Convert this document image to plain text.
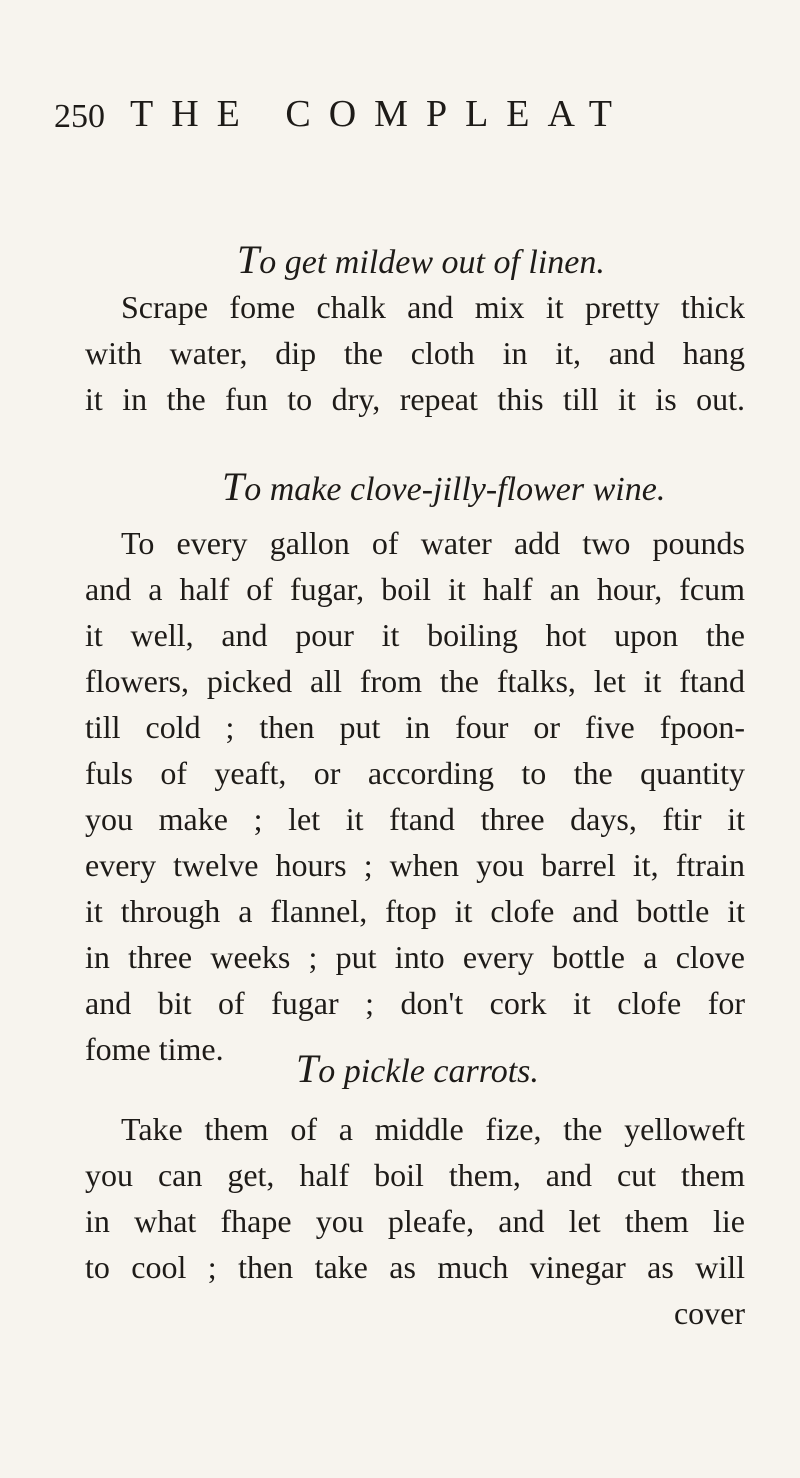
250 THE COMPLEAT
To get mildew out of linen.
Scrape fome chalk and mix it pretty thick
with water, dip the cloth in it, and hang
it in the fun to dry, repeat this till it is out.
To make clove-jilly-flower wine.
To every gallon of water add two pounds
and a half of fugar, boil it half an hour, fcum
it well, and pour it boiling hot upon the
flowers, picked all from the ftalks, let it ftand
till cold ; then put in four or five fpoon-
fuls of yeaft, or according to the quantity
you make ; let it ftand three days, ftir it
every twelve hours ; when you barrel it, ftrain
it through a flannel, ftop it clofe and bottle it
in three weeks ; put into every bottle a clove
and bit of fugar ; don't cork it clofe for
fome time.	To pickle carrots.
Take them of a middle fize, the yelloweft
you can get, half boil them, and cut them
in what fhape you pleafe, and let them lie
to cool ; then take as much vinegar as will
cover
